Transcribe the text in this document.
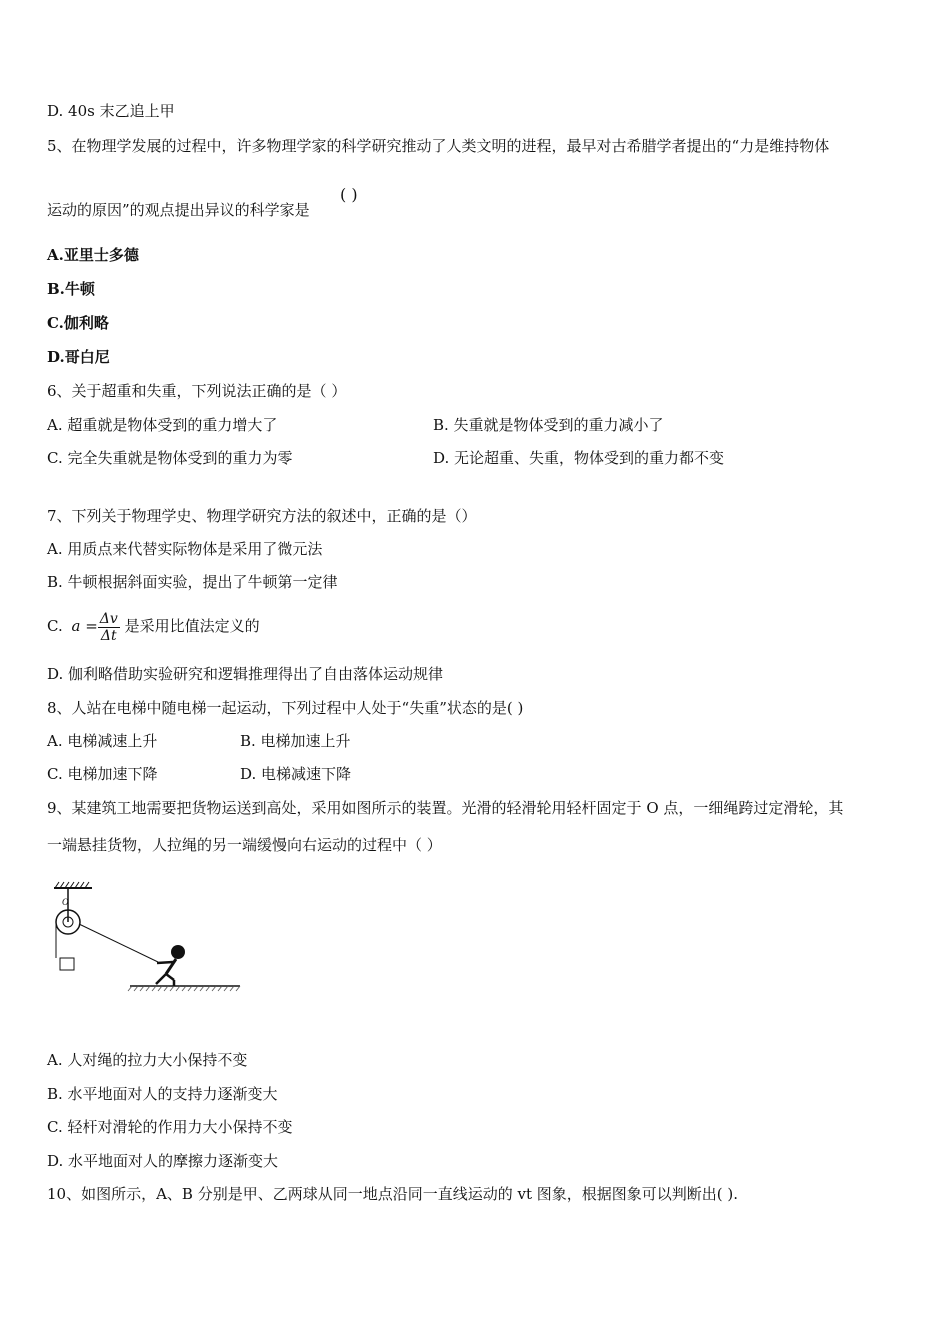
D. 40s 末乙追上甲
5、在物理学发展的过程中，许多物理学家的科学研究推动了人类文明的进程，最早对古希腊学者提出的“力是维持物体
运动的原因”的观点提出异议的科学家是
( )
A.亚里士多德
B.牛顿
C.伽利略
D.哥白尼
6、关于超重和失重，下列说法正确的是（ ）
A. 超重就是物体受到的重力增大了	B. 失重就是物体受到的重力减小了
C. 完全失重就是物体受到的重力为零	D. 无论超重、失重，物体受到的重力都不变
7、下列关于物理学史、物理学研究方法的叙述中，正确的是（）
A. 用质点来代替实际物体是采用了微元法
B. 牛顿根据斜面实验，提出了牛顿第一定律
C. $a = \frac{\Delta v}{\Delta t}$ 是采用比值法定义的
D. 伽利略借助实验研究和逻辑推理得出了自由落体运动规律
8、人站在电梯中随电梯一起运动，下列过程中人处于“失重”状态的是( )
A. 电梯减速上升	B. 电梯加速上升
C. 电梯加速下降	D. 电梯减速下降
9、某建筑工地需要把货物运送到高处，采用如图所示的装置。光滑的轻滑轮用轻杆固定于 O 点，一细绳跨过定滑轮，其
一端悬挂货物，人拉绳的另一端缓慢向右运动的过程中（ ）
O
A. 人对绳的拉力大小保持不变
B. 水平地面对人的支持力逐渐变大
C. 轻杆对滑轮的作用力大小保持不变
D. 水平地面对人的摩擦力逐渐变大
10、如图所示，A、B 分别是甲、乙两球从同一地点沿同一直线运动的 vt 图象，根据图象可以判断出( ).
